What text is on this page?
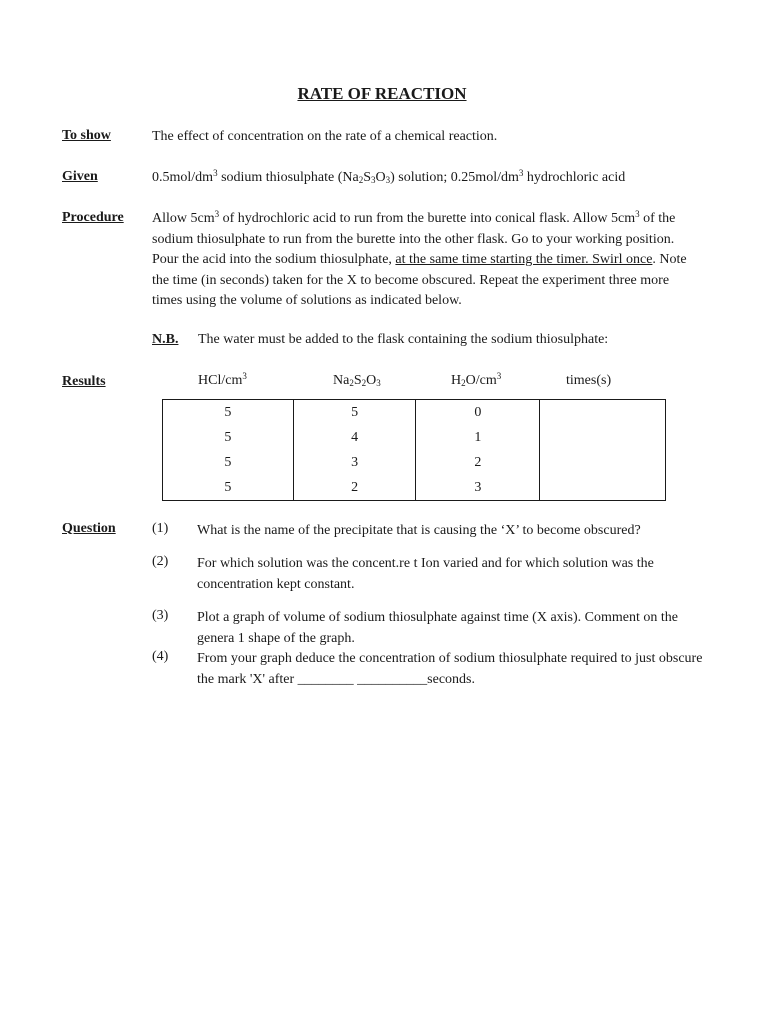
RATE OF REACTION
To show	The effect of concentration on the rate of a chemical reaction.
Given	$0.5mol/dm^3$ sodium thiosulphate $(Na_2S_3O_3)$ solution; $0.25mol/dm^3$ hydrochloric acid
Procedure Allow $5cm^3$ of hydrochloric acid to run from the burette into conical flask. Allow $5cm^3$ of the sodium thiosulphate to run from the burette into the other flask. Go to your working position. Pour the acid into the sodium thiosulphate, at the same time starting the timer. Swirl once. Note the time (in seconds) taken for the X to become obscured. Repeat the experiment three more times using the volume of solutions as indicated below.
N.B. The water must be added to the flask containing the sodium thiosulphate:
Results	HCl/$cm^3$	$Na_2S_2O_3$	$H_2O/cm^3$	times(s)
5	5	0	
5	4	1	
5	3	2	
5	2	3	
Question	(1) What is the name of the precipitate that is causing the ‘X’ to become obscured?
(2) For which solution was the concent.re t Ion varied and for which solution was the concentration kept constant.
(3) Plot a graph of volume of sodium thiosulphate against time (X axis). Comment on the genera 1 shape of the graph.
(4) From your graph deduce the concentration of sodium thiosulphate required to just obscure the mark 'X' after ________ __________seconds.
